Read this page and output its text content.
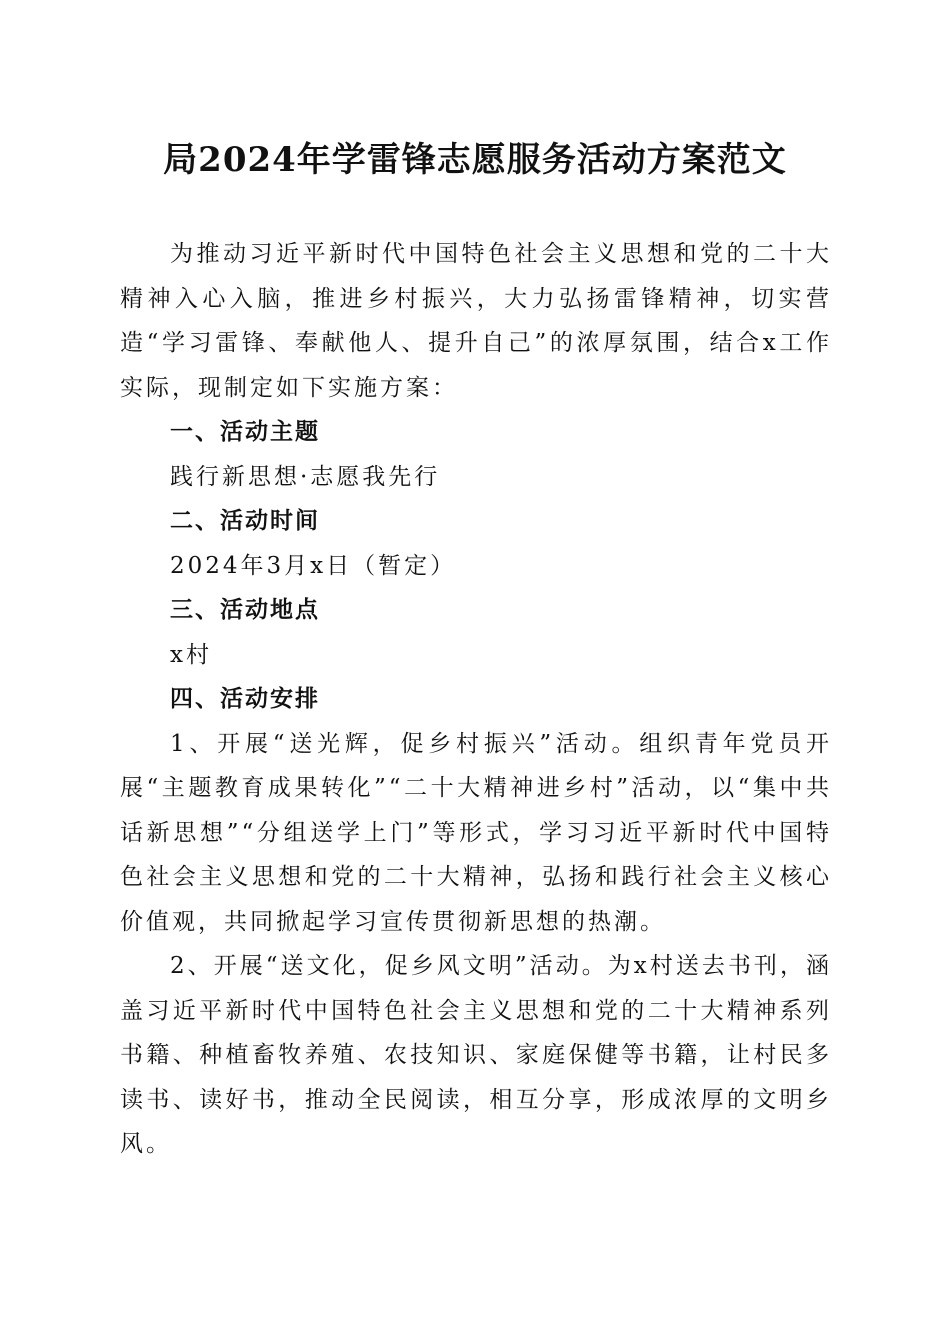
局2024年学雷锋志愿服务活动方案范文

为推动习近平新时代中国特色社会主义思想和党的二十大精神入心入脑，推进乡村振兴，大力弘扬雷锋精神，切实营造“学习雷锋、奉献他人、提升自己”的浓厚氛围，结合x工作实际，现制定如下实施方案：

一、活动主题

践行新思想·志愿我先行

二、活动时间

2024年3月x日（暂定）

三、活动地点

x村

四、活动安排

1、开展“送光辉，促乡村振兴”活动。组织青年党员开展“主题教育成果转化”“二十大精神进乡村”活动，以“集中共话新思想”“分组送学上门”等形式，学习习近平新时代中国特色社会主义思想和党的二十大精神，弘扬和践行社会主义核心价值观，共同掀起学习宣传贯彻新思想的热潮。

2、开展“送文化，促乡风文明”活动。为x村送去书刊，涵盖习近平新时代中国特色社会主义思想和党的二十大精神系列书籍、种植畜牧养殖、农技知识、家庭保健等书籍，让村民多读书、读好书，推动全民阅读，相互分享，形成浓厚的文明乡风。
